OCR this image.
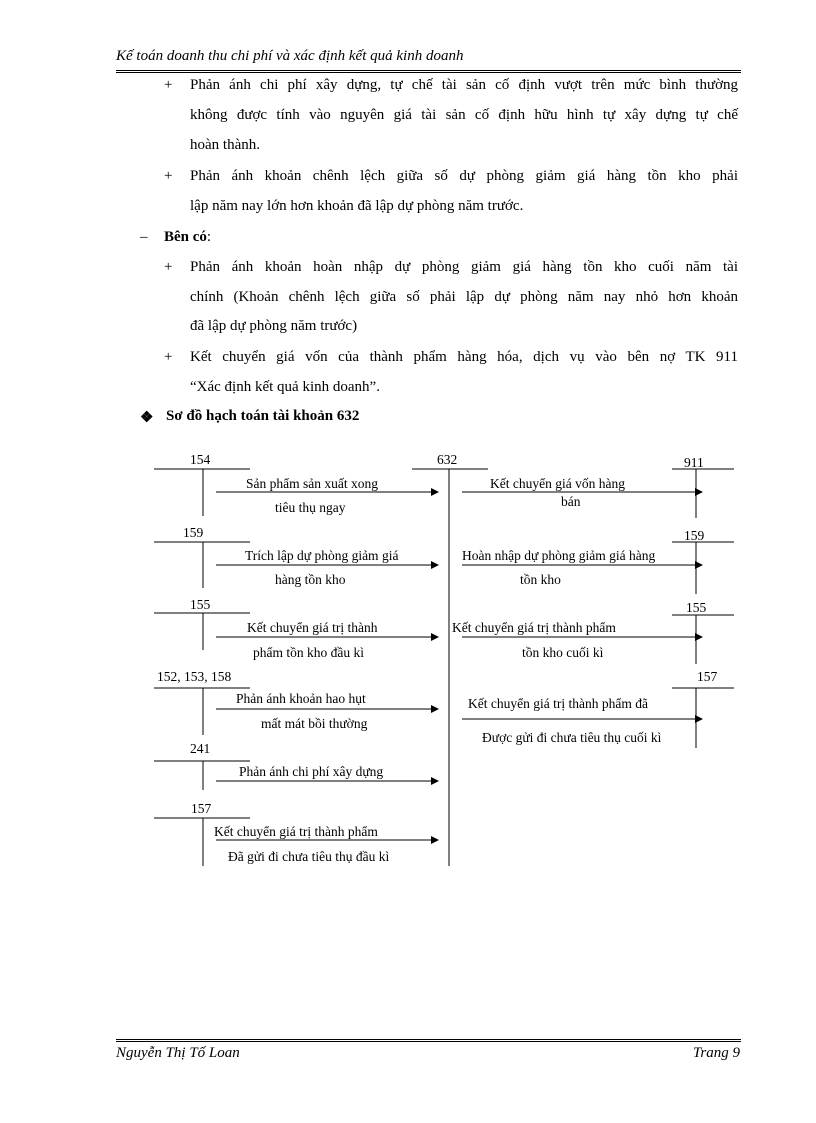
Kế toán doanh thu chi phí và xác định kết quả kinh doanh
+ Phản ánh chi phí xây dựng, tự chế tài sản cố định vượt trên mức bình thường
không được tính vào nguyên giá tài sản cố định hữu hình tự xây dựng tự chế
hoàn thành.
+ Phản ánh khoản chênh lệch giữa số dự phòng giảm giá hàng tồn kho phải
lập năm nay lớn hơn khoản đã lập dự phòng năm trước.
– Bên có:
+ Phản ánh khoản hoàn nhập dự phòng giảm giá hàng tồn kho cuối năm tài
chính (Khoản chênh lệch giữa số phải lập dự phòng năm nay nhỏ hơn khoản
đã lập dự phòng năm trước)
+ Kết chuyển giá vốn của thành phẩm hàng hóa, dịch vụ vào bên nợ TK 911
“Xác định kết quả kinh doanh”.
❖ Sơ đồ hạch toán tài khoản 632
154
159
155
152, 153, 158
241
157
632	911
159
155
157
Sản phẩm sản xuất xong
tiêu thụ ngay
Trích lập dự phòng giảm giá
hàng tồn kho
Kết chuyển giá trị thành
phẩm tồn kho đầu kì
Phản ánh khoản hao hụt
mất mát bồi thường
Phản ánh chi phí xây dựng
Kết chuyển giá trị thành phẩm
Đã gửi đi chưa tiêu thụ đầu kì
Kết chuyển giá vốn hàng
bán
Hoàn nhập dự phòng giảm giá hàng
tồn kho
Kết chuyển giá trị thành phẩm
tồn kho cuối kì
Kết chuyển giá trị thành phẩm đã
Được gửi đi chưa tiêu thụ cuối kì
Nguyễn Thị Tố Loan	Trang 9
